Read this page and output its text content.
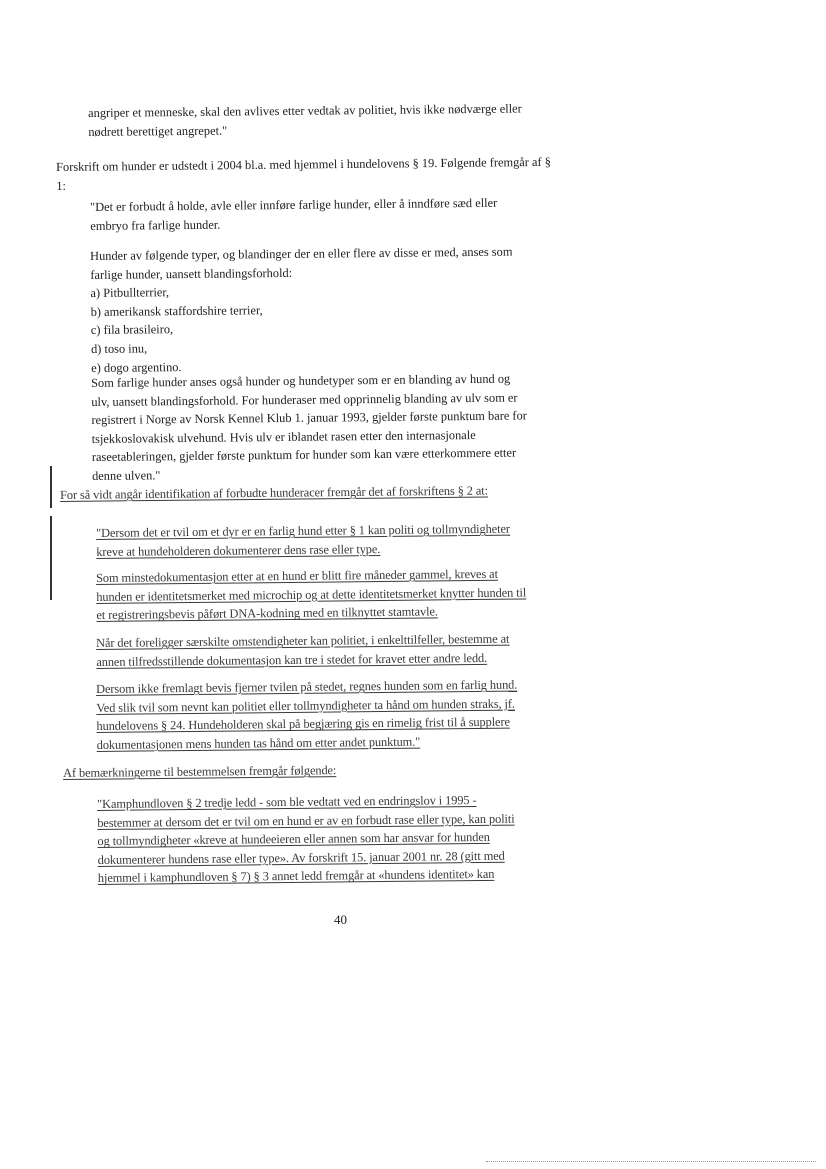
angriper et menneske, skal den avlives etter vedtak av politiet, hvis ikke nødværge eller
nødrett berettiget angrepet."
Forskrift om hunder er udstedt i 2004 bl.a. med hjemmel i hundelovens § 19. Følgende fremgår af §
1:
"Det er forbudt å holde, avle eller innføre farlige hunder, eller å inndføre sæd eller
embryo fra farlige hunder.
Hunder av følgende typer, og blandinger der en eller flere av disse er med, anses som
farlige hunder, uansett blandingsforhold:
a) Pitbullterrier,
b) amerikansk staffordshire terrier,
c) fila brasileiro,
d) toso inu,
e) dogo argentino.
Som farlige hunder anses også hunder og hundetyper som er en blanding av hund og
ulv, uansett blandingsforhold. For hunderaser med opprinnelig blanding av ulv som er
registrert i Norge av Norsk Kennel Klub 1. januar 1993, gjelder første punktum bare for
tsjekkoslovakisk ulvehund. Hvis ulv er iblandet rasen etter den internasjonale
raseetableringen, gjelder første punktum for hunder som kan være etterkommere etter
denne ulven."
For så vidt angår identifikation af forbudte hunderacer fremgår det af forskriftens § 2 at:
"Dersom det er tvil om et dyr er en farlig hund etter § 1 kan politi og tollmyndigheter
kreve at hundeholderen dokumenterer dens rase eller type.
Som minstedokumentasjon etter at en hund er blitt fire måneder gammel, kreves at
hunden er identitetsmerket med microchip og at dette identitetsmerket knytter hunden til
et registreringsbevis påført DNA-kodning med en tilknyttet stamtavle.
Når det foreligger særskilte omstendigheter kan politiet, i enkelttilfeller, bestemme at
annen tilfredsstillende dokumentasjon kan tre i stedet for kravet etter andre ledd.
Dersom ikke fremlagt bevis fjerner tvilen på stedet, regnes hunden som en farlig hund.
Ved slik tvil som nevnt kan politiet eller tollmyndigheter ta hånd om hunden straks, jf.
hundelovens § 24. Hundeholderen skal på begjæring gis en rimelig frist til å supplere
dokumentasjonen mens hunden tas hånd om etter andet punktum."
Af bemærkningerne til bestemmelsen fremgår følgende:
"Kamphundloven § 2 tredje ledd - som ble vedtatt ved en endringslov i 1995 -
bestemmer at dersom det er tvil om en hund er av en forbudt rase eller type, kan politi
og tollmyndigheter «kreve at hundeeieren eller annen som har ansvar for hunden
dokumenterer hundens rase eller type». Av forskrift 15. januar 2001 nr. 28 (gitt med
hjemmel i kamphundloven § 7) § 3 annet ledd fremgår at «hundens identitet» kan
40
